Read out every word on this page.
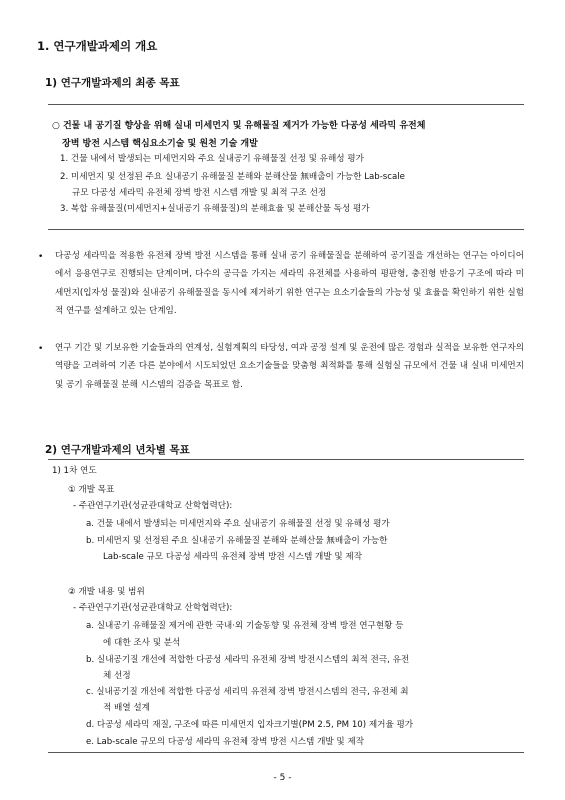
1. 연구개발과제의 개요
1) 연구개발과제의 최종 목표
○ 건물 내 공기질 향상을 위해 실내 미세먼지 및 유해물질 제거가 가능한 다공성 세라믹 유전체
장벽 방전 시스템 핵심요소기술 및 원천 기술 개발
1. 건물 내에서 발생되는 미세먼지와 주요 실내공기 유해물질 선정 및 유해성 평가
2. 미세먼지 및 선정된 주요 실내공기 유해물질 분해와 분해산물 無배출이 가능한 Lab-scale
규모 다공성 세라믹 유전체 장벽 방전 시스템 개발 및 최적 구조 선정
3. 복합 유해물질(미세먼지+실내공기 유해물질)의 분해효율 및 분해산물 독성 평가
• 다공성 세라믹을 적용한 유전체 장벽 방전 시스템을 통해 실내 공기 유해물질을 분해하여 공기질을 개선하는 연구는 아이디어에서 응용연구로 진행되는 단계이며, 다수의 공극을 가지는 세라믹 유전체를 사용하여 평판형, 충진형 반응기 구조에 따라 미세먼지(입자성 물질)와 실내공기 유해물질을 동시에 제거하기 위한 연구는 요소기술들의 가능성 및 효율을 확인하기 위한 실험적 연구를 설계하고 있는 단계임.
• 연구 기간 및 기보유한 기술들과의 연계성, 실험계획의 타당성, 여과 공정 설계 및 운전에 많은 경험과 실적을 보유한 연구자의 역량을 고려하여 기존 다른 분야에서 시도되었던 요소기술들을 맞춤형 최적화를 통해 실험실 규모에서 건물 내 실내 미세먼지 및 공기 유해물질 분해 시스템의 검증을 목표로 함.
2) 연구개발과제의 년차별 목표
1) 1차 연도
① 개발 목표
- 주관연구기관(성균관대학교 산학협력단):
a. 건물 내에서 발생되는 미세먼지와 주요 실내공기 유해물질 선정 및 유해성 평가
b. 미세먼지 및 선정된 주요 실내공기 유해물질 분해와 분해산물 無배출이 가능한
Lab-scale 규모 다공성 세라믹 유전체 장벽 방전 시스템 개발 및 제작
② 개발 내용 및 범위
- 주관연구기관(성균관대학교 산학협력단):
a. 실내공기 유해물질 제거에 관한 국내·외 기술동향 및 유전체 장벽 방전 연구현황 등
에 대한 조사 및 분석
b. 실내공기질 개선에 적합한 다공성 세라믹 유전체 장벽 방전시스템의 최적 전극, 유전
체 선정
c. 실내공기질 개선에 적합한 다공성 세리믹 유전체 장벽 방전시스템의 전극, 유전체 최
적 배열 설계
d. 다공성 세라믹 재질, 구조에 따른 미세먼지 입자크기별(PM 2.5, PM 10) 제거율 평가
e. Lab-scale 규모의 다공성 세라믹 유전체 장벽 방전 시스템 개발 및 제작
- 5 -
